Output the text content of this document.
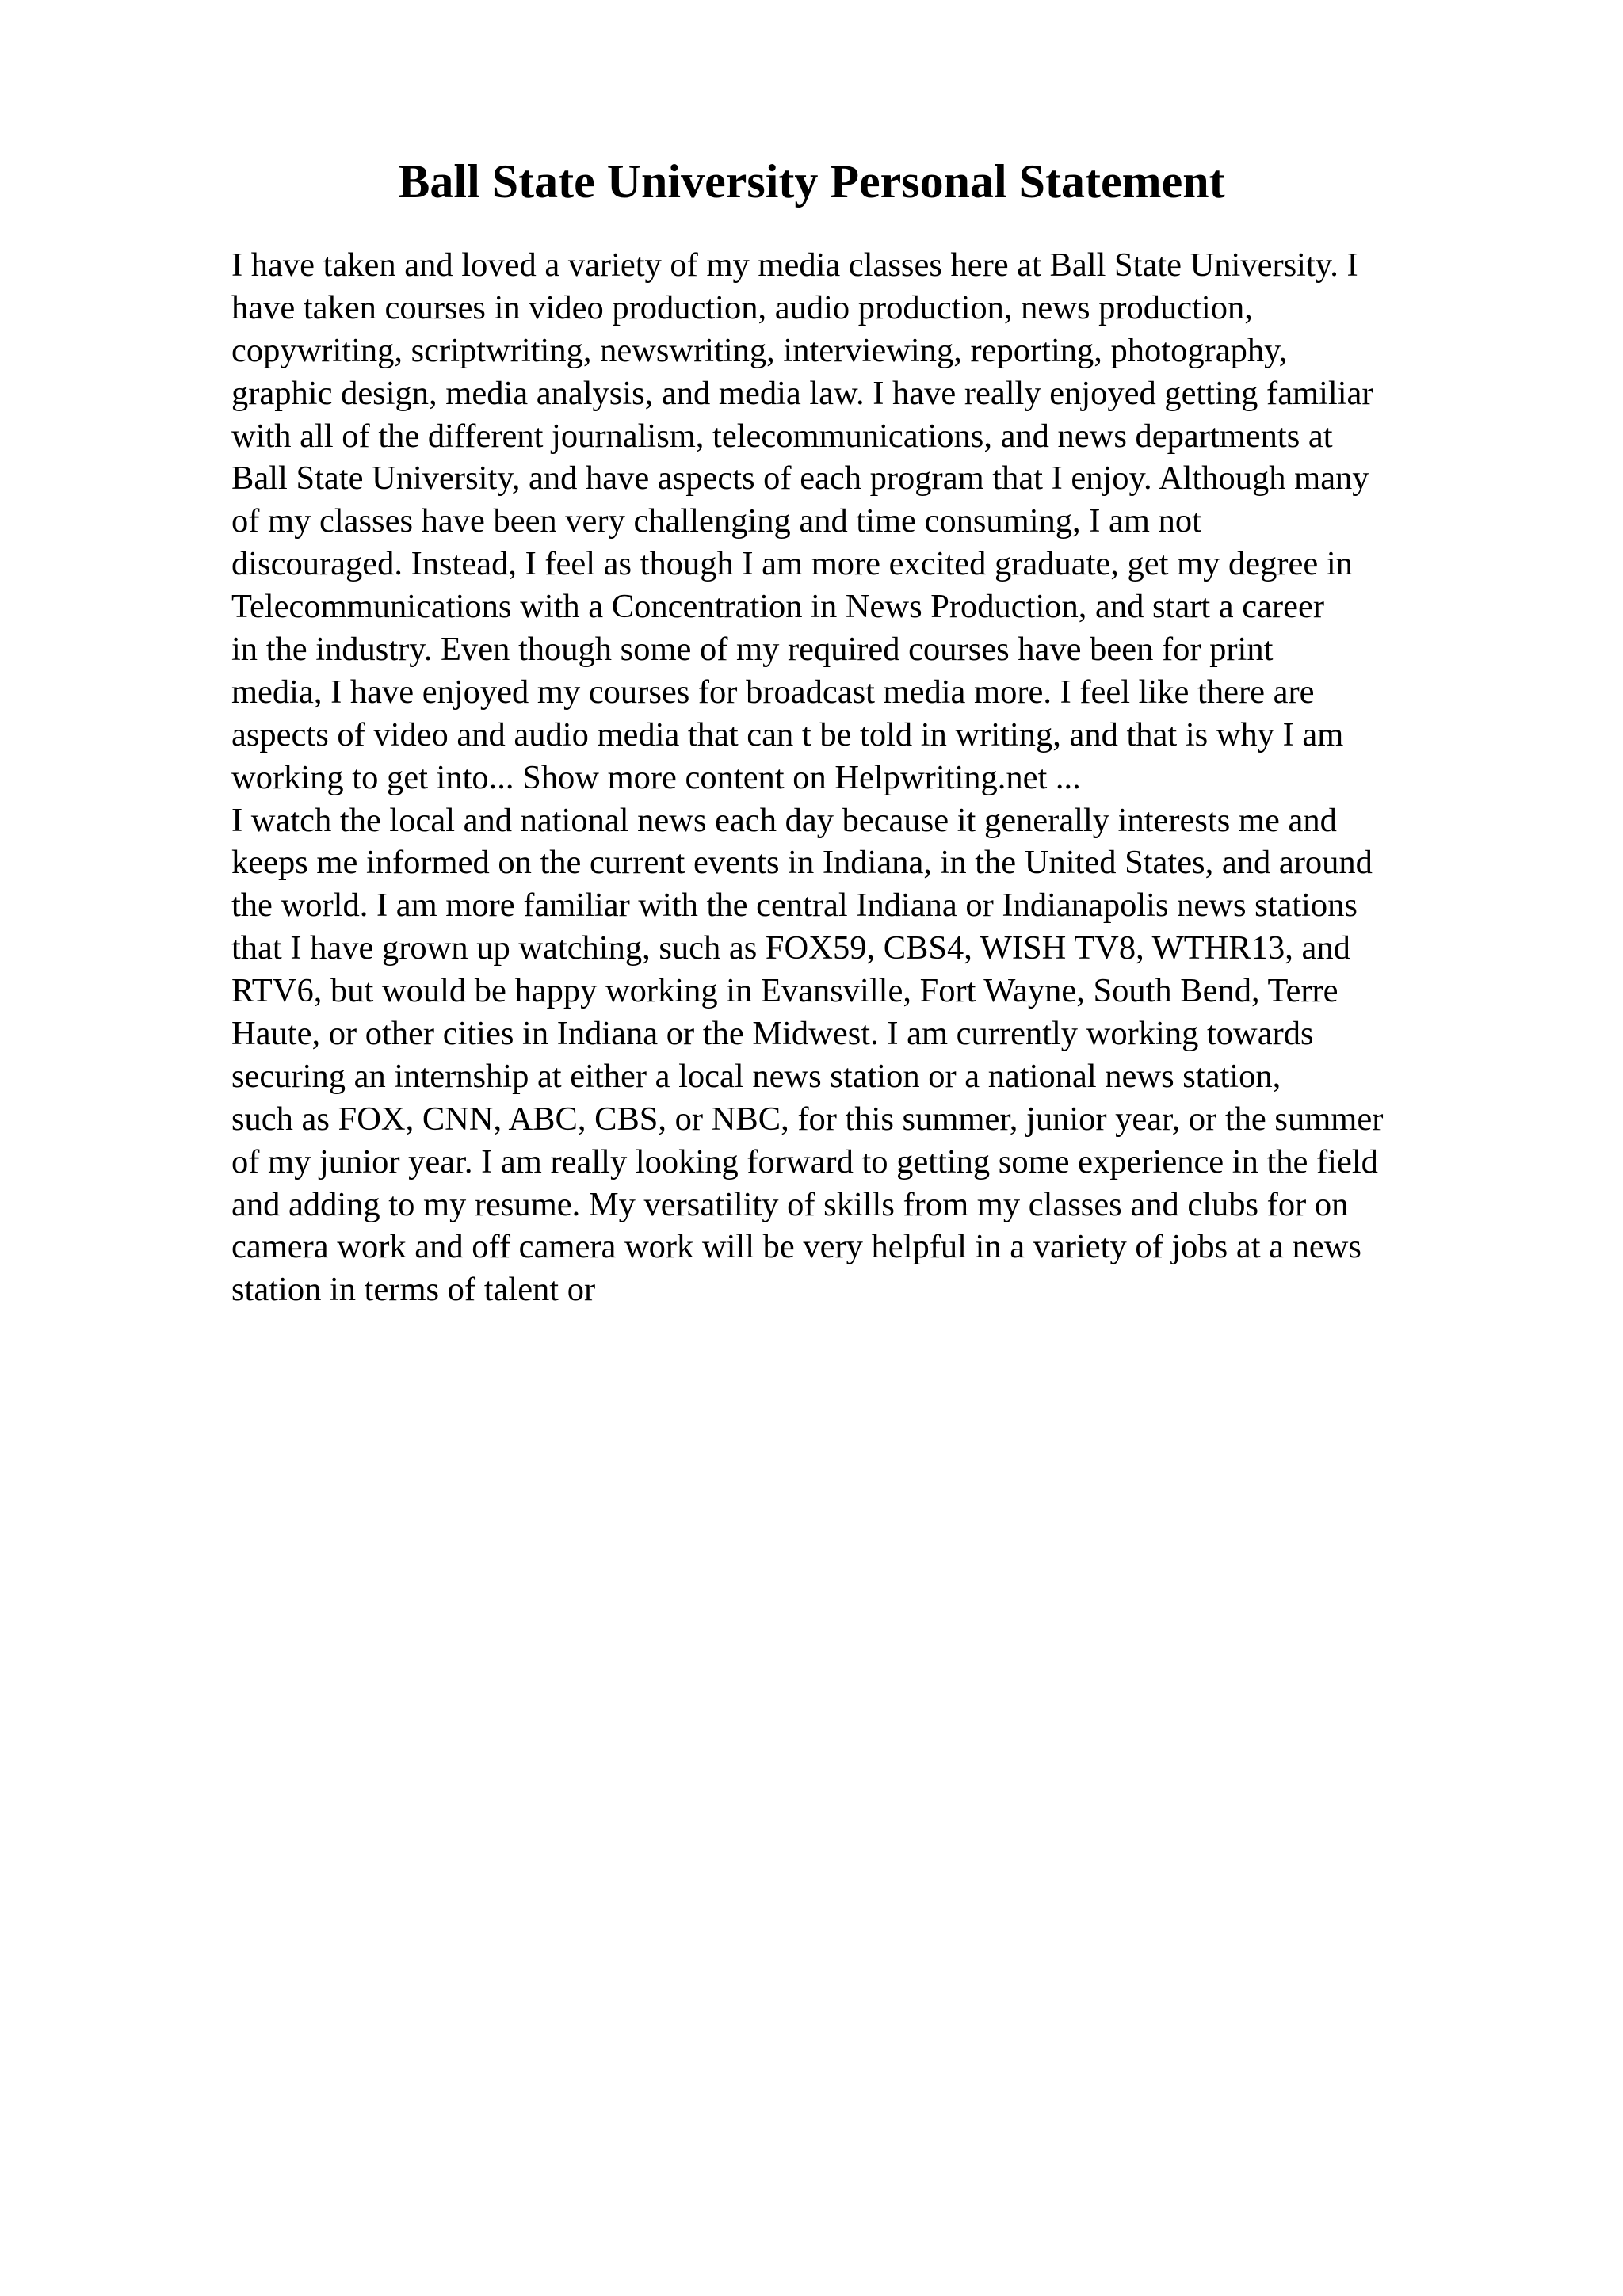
Ball State University Personal Statement
I have taken and loved a variety of my media classes here at Ball State University. I
have taken courses in video production, audio production, news production,
copywriting, scriptwriting, newswriting, interviewing, reporting, photography,
graphic design, media analysis, and media law. I have really enjoyed getting familiar
with all of the different journalism, telecommunications, and news departments at
Ball State University, and have aspects of each program that I enjoy. Although many
of my classes have been very challenging and time consuming, I am not
discouraged. Instead, I feel as though I am more excited graduate, get my degree in
Telecommunications with a Concentration in News Production, and start a career
in the industry. Even though some of my required courses have been for print
media, I have enjoyed my courses for broadcast media more. I feel like there are
aspects of video and audio media that can t be told in writing, and that is why I am
working to get into... Show more content on Helpwriting.net ...
I watch the local and national news each day because it generally interests me and
keeps me informed on the current events in Indiana, in the United States, and around
the world. I am more familiar with the central Indiana or Indianapolis news stations
that I have grown up watching, such as FOX59, CBS4, WISH TV8, WTHR13, and
RTV6, but would be happy working in Evansville, Fort Wayne, South Bend, Terre
Haute, or other cities in Indiana or the Midwest. I am currently working towards
securing an internship at either a local news station or a national news station,
such as FOX, CNN, ABC, CBS, or NBC, for this summer, junior year, or the summer
of my junior year. I am really looking forward to getting some experience in the field
and adding to my resume. My versatility of skills from my classes and clubs for on
camera work and off camera work will be very helpful in a variety of jobs at a news
station in terms of talent or
